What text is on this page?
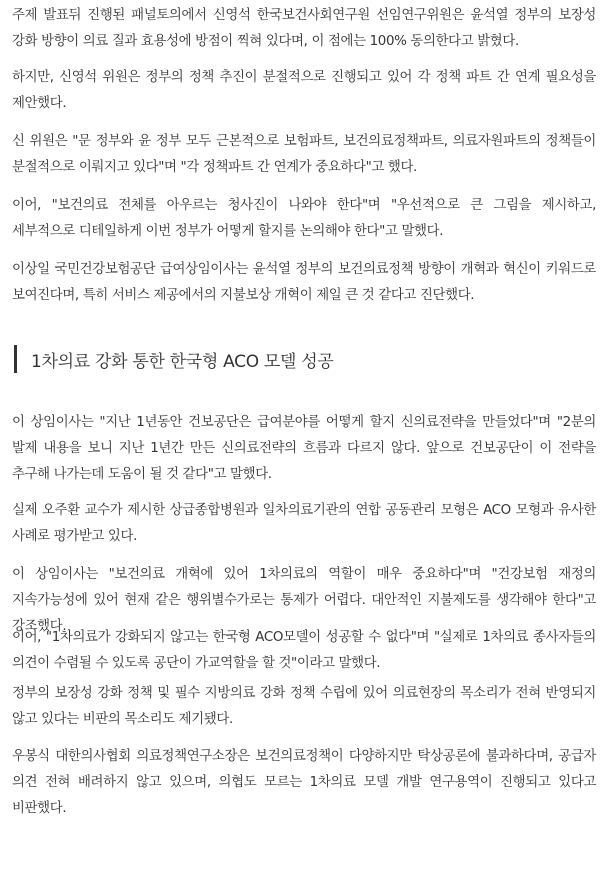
주제 발표뒤 진행된 패널토의에서 신영석 한국보건사회연구원 선임연구위원은 윤석열 정부의 보장성 강화 방향이 의료 질과 효용성에 방점이 찍혀 있다며, 이 점에는 100% 동의한다고 밝혔다.

하지만, 신영석 위원은 정부의 정책 추진이 분절적으로 진행되고 있어 각 정책 파트 간 연계 필요성을 제안했다.

신 위원은 "문 정부와 윤 정부 모두 근본적으로 보험파트, 보건의료정책파트, 의료자원파트의 정책들이 분절적으로 이뤄지고 있다"며 "각 정책파트 간 연계가 중요하다"고 했다.

이어, "보건의료 전체를 아우르는 청사진이 나와야 한다"며 "우선적으로 큰 그림을 제시하고, 세부적으로 디테일하게 이번 정부가 어떻게 할지를 논의해야 한다"고 말했다.

이상일 국민건강보험공단 급여상임이사는 윤석열 정부의 보건의료정책 방향이 개혁과 혁신이 키워드로 보여진다며, 특히 서비스 제공에서의 지불보상 개혁이 제일 큰 것 같다고 진단했다.

1차의료 강화 통한 한국형 ACO 모델 성공

이 상임이사는 "지난 1년동안 건보공단은 급여분야를 어떻게 할지 신의료전략을 만들었다"며 "2분의 발제 내용을 보니 지난 1년간 만든 신의료전략의 흐름과 다르지 않다. 앞으로 건보공단이 이 전략을 추구해 나가는데 도움이 될 것 같다"고 말했다.

실제 오주환 교수가 제시한 상급종합병원과 일차의료기관의 연합 공동관리 모형은 ACO 모형과 유사한 사례로 평가받고 있다.

이 상임이사는 "보건의료 개혁에 있어 1차의료의 역할이 매우 중요하다"며 "건강보험 재정의 지속가능성에 있어 현재 같은 행위별수가로는 통제가 어렵다. 대안적인 지불제도를 생각해야 한다"고 강조했다.

이어, "1차의료가 강화되지 않고는 한국형 ACO모델이 성공할 수 없다"며 "실제로 1차의료 종사자들의 의견이 수렴될 수 있도록 공단이 가교역할을 할 것"이라고 말했다.

정부의 보장성 강화 정책 및 필수 지방의료 강화 정책 수립에 있어 의료현장의 목소리가 전혀 반영되지 않고 있다는 비판의 목소리도 제기됐다.

우봉식 대한의사협회 의료정책연구소장은 보건의료정책이 다양하지만 탁상공론에 불과하다며, 공급자 의견 전혀 배려하지 않고 있으며, 의협도 모르는 1차의료 모델 개발 연구용역이 진행되고 있다고 비판했다.
